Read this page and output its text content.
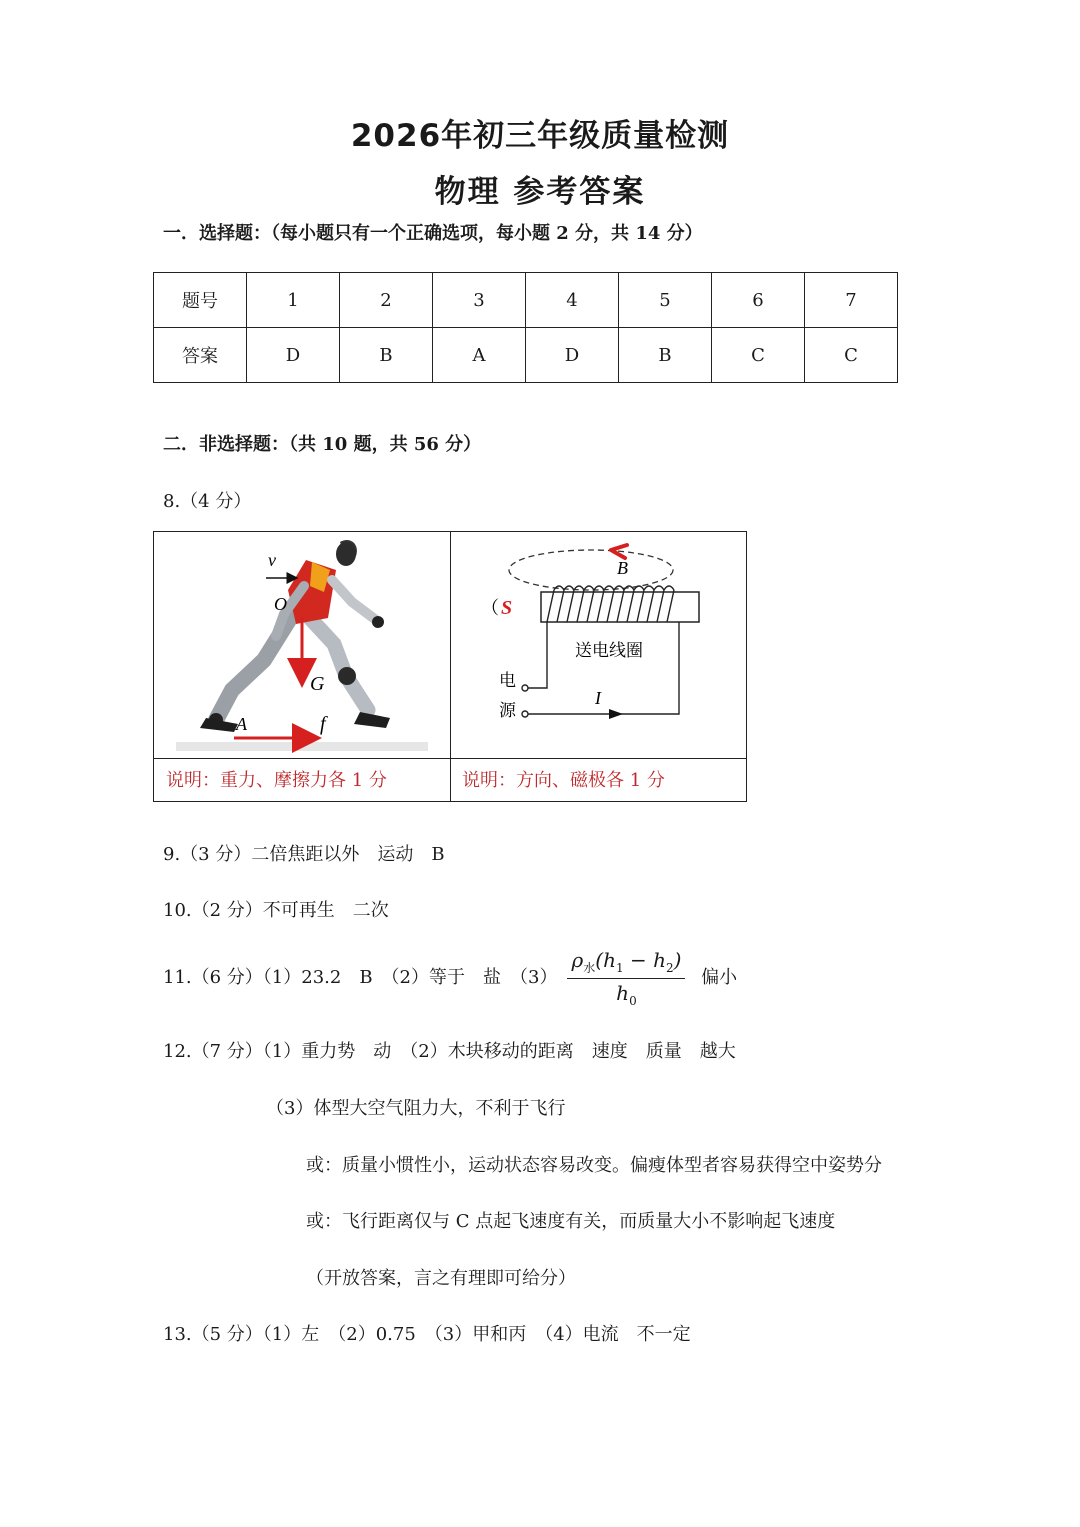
2026年初三年级质量检测
物理 参考答案
一．选择题：（每小题只有一个正确选项，每小题 2 分，共 14 分）
题号	1	2	3	4	5	6	7
答案	D	B	A	D	B	C	C
二．非选择题：（共 10 题，共 56 分）
8.（4 分）
v
O
G
A	f
B
（ S
送电线圈
电
源
I
说明：重力、摩擦力各 1 分	说明：方向、磁极各 1 分
9.（3 分）二倍焦距以外　运动　B
10.（2 分）不可再生　二次
11.（6 分）（1）23.2　B　（2）等于　盐　$(3) \frac{\rho_水(h_1 - h_2)}{h_0}$ 偏小
12.（7 分）（1）重力势　动　（2）木块移动的距离　速度　质量　越大
（3）体型大空气阻力大，不利于飞行
或：质量小惯性小，运动状态容易改变。偏瘦体型者容易获得空中姿势分
或：飞行距离仅与 C 点起飞速度有关，而质量大小不影响起飞速度
（开放答案，言之有理即可给分）
13.（5 分）（1）左　（2）0.75　（3）甲和丙　（4）电流　不一定
